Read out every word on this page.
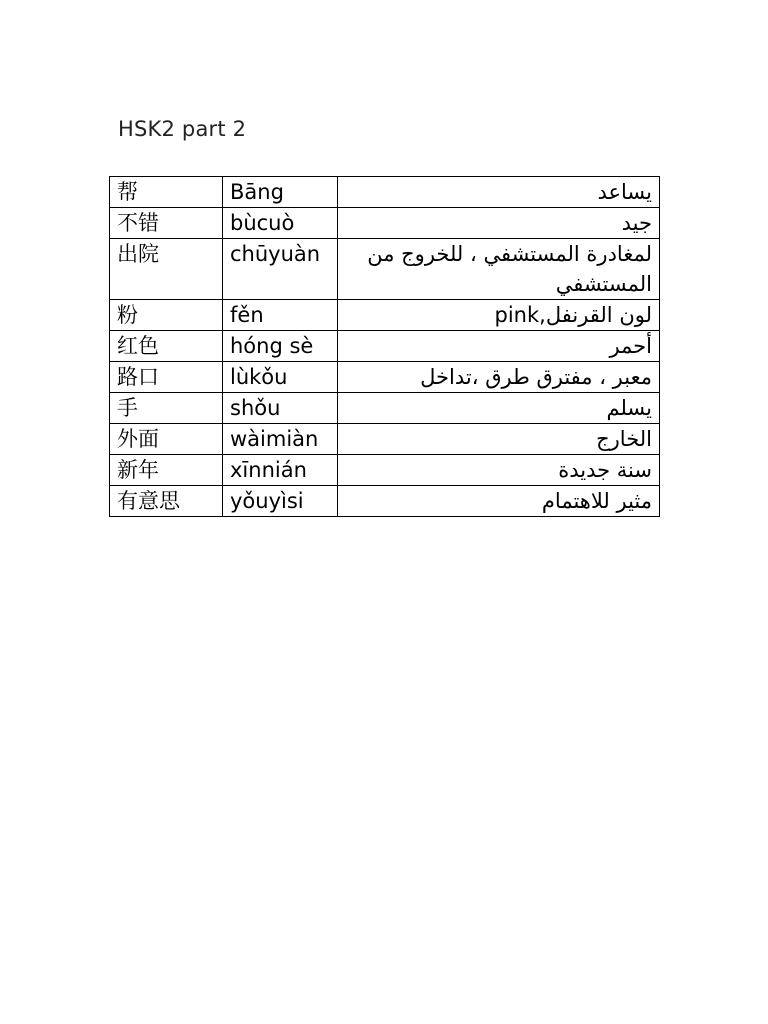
HSK2 part 2
帮	Bāng	يساعد
不错	bùcuò	جيد
出院	chūyuàn	لمغادرة المستشفي ، للخروج من المستشفي
粉	fěn	لون القرنفل,pink
红色	hóng sè	أحمر
路口	lùkǒu	معبر ، مفترق طرق ،تداخل
手	shǒu	يسلم
外面	wàimiàn	الخارج
新年	xīnnián	سنة جديدة
有意思	yǒuyìsi	مثير للاهتمام
